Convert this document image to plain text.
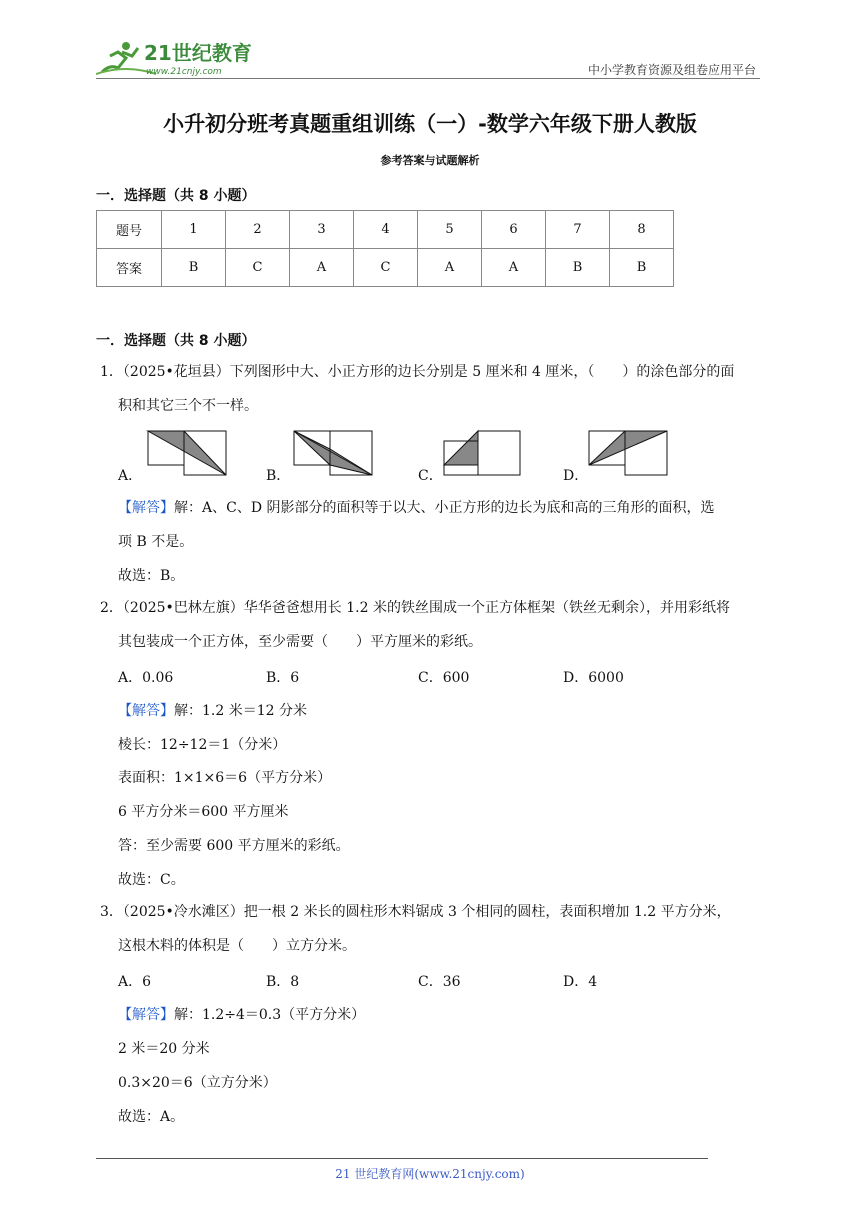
21世纪教育
www.21cnjy.com	中小学教育资源及组卷应用平台
小升初分班考真题重组训练（一）-数学六年级下册人教版
参考答案与试题解析
一．选择题（共 8 小题）
题号	1	2	3	4	5	6	7	8
答案	B	C	A	C	A	A	B	B
一．选择题（共 8 小题）
1．（2025•花垣县）下列图形中大、小正方形的边长分别是 5 厘米和 4 厘米，（　　）的涂色部分的面
积和其它三个不一样。
A．	B．	C．	D．
【解答】解：A、C、D 阴影部分的面积等于以大、小正方形的边长为底和高的三角形的面积，选
项 B 不是。
故选：B。
2．（2025•巴林左旗）华华爸爸想用长 1.2 米的铁丝围成一个正方体框架（铁丝无剩余），并用彩纸将
其包装成一个正方体，至少需要（　　）平方厘米的彩纸。
A．0.06	B．6	C．600	D．6000
【解答】解：1.2 米＝12 分米
棱长：12÷12＝1（分米）
表面积：1×1×6＝6（平方分米）
6 平方分米＝600 平方厘米
答：至少需要 600 平方厘米的彩纸。
故选：C。
3．（2025•冷水滩区）把一根 2 米长的圆柱形木料锯成 3 个相同的圆柱，表面积增加 1.2 平方分米，
这根木料的体积是（　　）立方分米。
A．6	B．8	C．36	D．4
【解答】解：1.2÷4＝0.3（平方分米）
2 米＝20 分米
0.3×20＝6（立方分米）
故选：A。
21 世纪教育网(www.21cnjy.com)
